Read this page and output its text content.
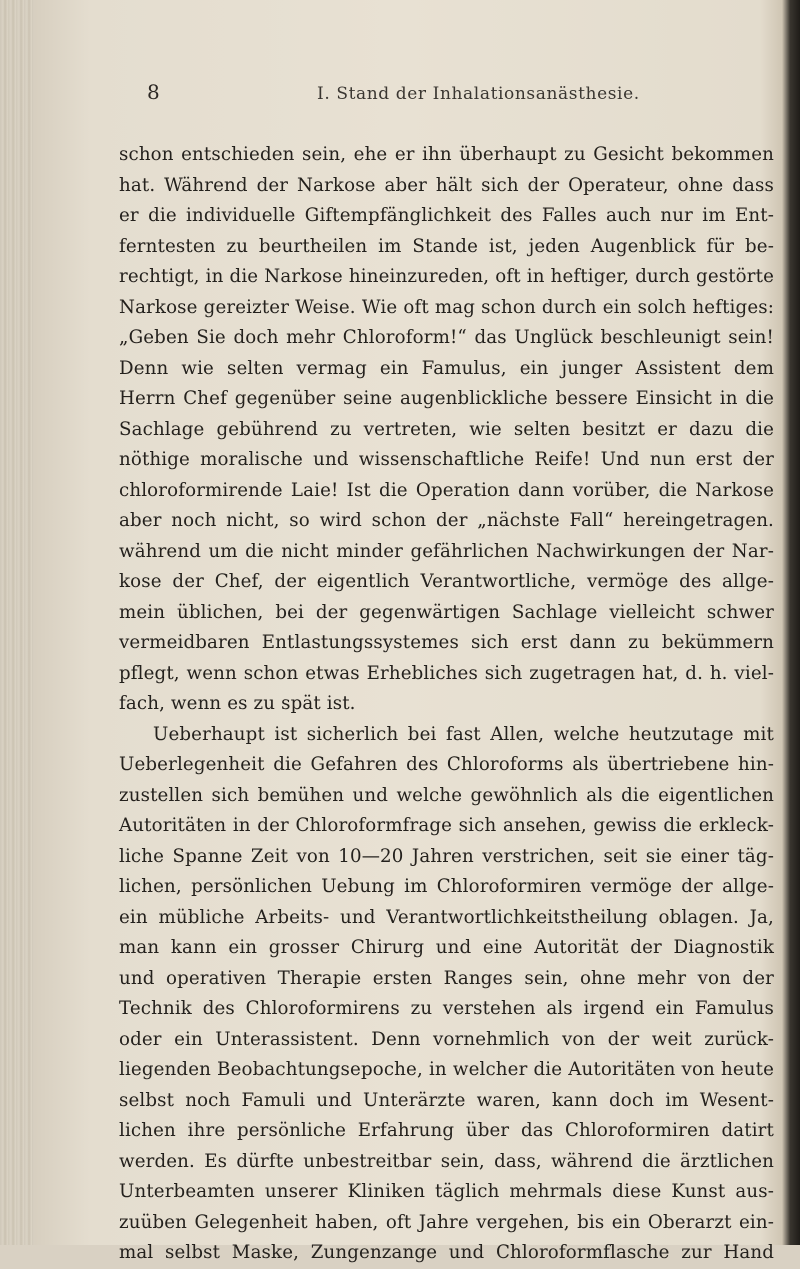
8	I. Stand der Inhalationsanästhesie.
schon entschieden sein, ehe er ihn überhaupt zu Gesicht bekommen
hat. Während der Narkose aber hält sich der Operateur, ohne dass
er die individuelle Giftempfänglichkeit des Falles auch nur im Ent-
ferntesten zu beurtheilen im Stande ist, jeden Augenblick für be-
rechtigt, in die Narkose hineinzureden, oft in heftiger, durch gestörte
Narkose gereizter Weise. Wie oft mag schon durch ein solch heftiges:
„Geben Sie doch mehr Chloroform!“ das Unglück beschleunigt sein!
Denn wie selten vermag ein Famulus, ein junger Assistent dem
Herrn Chef gegenüber seine augenblickliche bessere Einsicht in die
Sachlage gebührend zu vertreten, wie selten besitzt er dazu die
nöthige moralische und wissenschaftliche Reife! Und nun erst der
chloroformirende Laie! Ist die Operation dann vorüber, die Narkose
aber noch nicht, so wird schon der „nächste Fall“ hereingetragen.
während um die nicht minder gefährlichen Nachwirkungen der Nar-
kose der Chef, der eigentlich Verantwortliche, vermöge des allge-
mein üblichen, bei der gegenwärtigen Sachlage vielleicht schwer
vermeidbaren Entlastungssystemes sich erst dann zu bekümmern
pflegt, wenn schon etwas Erhebliches sich zugetragen hat, d. h. viel-
fach, wenn es zu spät ist.
Ueberhaupt ist sicherlich bei fast Allen, welche heutzutage mit
Ueberlegenheit die Gefahren des Chloroforms als übertriebene hin-
zustellen sich bemühen und welche gewöhnlich als die eigentlichen
Autoritäten in der Chloroformfrage sich ansehen, gewiss die erkleck-
liche Spanne Zeit von 10—20 Jahren verstrichen, seit sie einer täg-
lichen, persönlichen Uebung im Chloroformiren vermöge der allge-
ein mübliche Arbeits- und Verantwortlichkeitstheilung oblagen. Ja,
man kann ein grosser Chirurg und eine Autorität der Diagnostik
und operativen Therapie ersten Ranges sein, ohne mehr von der
Technik des Chloroformirens zu verstehen als irgend ein Famulus
oder ein Unterassistent. Denn vornehmlich von der weit zurück-
liegenden Beobachtungsepoche, in welcher die Autoritäten von heute
selbst noch Famuli und Unterärzte waren, kann doch im Wesent-
lichen ihre persönliche Erfahrung über das Chloroformiren datirt
werden. Es dürfte unbestreitbar sein, dass, während die ärztlichen
Unterbeamten unserer Kliniken täglich mehrmals diese Kunst aus-
zuüben Gelegenheit haben, oft Jahre vergehen, bis ein Oberarzt ein-
mal selbst Maske, Zungenzange und Chloroformflasche zur Hand
